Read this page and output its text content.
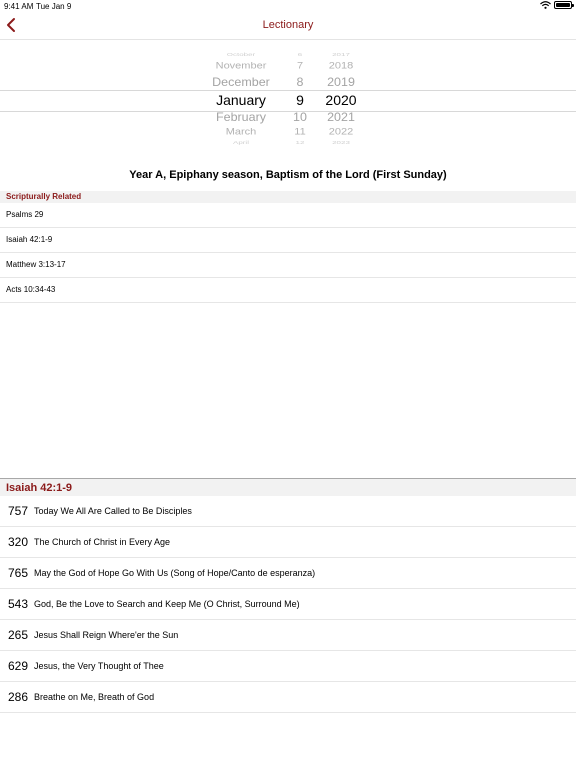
9:41 AM Tue Jan 9
Lectionary
October
November
December
January
February
March
April
6
7
8
9
10
11
12
2017
2018
2019
2020
2021
2022
2023
Year A, Epiphany season, Baptism of the Lord (First Sunday)
Scripturally Related
Psalms 29
Isaiah 42:1-9
Matthew 3:13-17
Acts 10:34-43
Isaiah 42:1-9
757 Today We All Are Called to Be Disciples
320 The Church of Christ in Every Age
765 May the God of Hope Go With Us (Song of Hope/Canto de esperanza)
543 God, Be the Love to Search and Keep Me (O Christ, Surround Me)
265 Jesus Shall Reign Where'er the Sun
629 Jesus, the Very Thought of Thee
286 Breathe on Me, Breath of God
